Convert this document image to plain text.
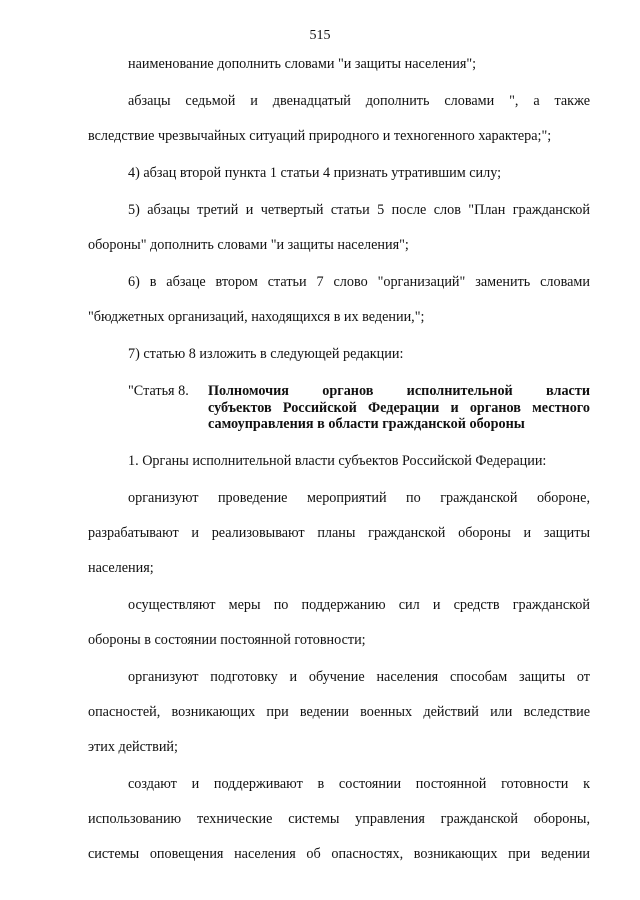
515
наименование дополнить словами "и защиты населения";
абзацы седьмой и двенадцатый дополнить словами ", а также
вследствие чрезвычайных ситуаций природного и техногенного характера;";
4) абзац второй пункта 1 статьи 4 признать утратившим силу;
5) абзацы третий и четвертый статьи 5 после слов "План гражданской
обороны" дополнить словами "и защиты населения";
6) в абзаце втором статьи 7 слово "организаций" заменить словами
"бюджетных организаций, находящихся в их ведении,";
7) статью 8 изложить в следующей редакции:
"Статья 8.	Полномочия органов исполнительной власти
субъектов Российской Федерации и органов местного
самоуправления в области гражданской обороны
1. Органы исполнительной власти субъектов Российской Федерации:
организуют проведение мероприятий по гражданской обороне,
разрабатывают и реализовывают планы гражданской обороны и защиты
населения;
осуществляют меры по поддержанию сил и средств гражданской
обороны в состоянии постоянной готовности;
организуют подготовку и обучение населения способам защиты от
опасностей, возникающих при ведении военных действий или вследствие
этих действий;
создают и поддерживают в состоянии постоянной готовности к
использованию технические системы управления гражданской обороны,
системы оповещения населения об опасностях, возникающих при ведении
